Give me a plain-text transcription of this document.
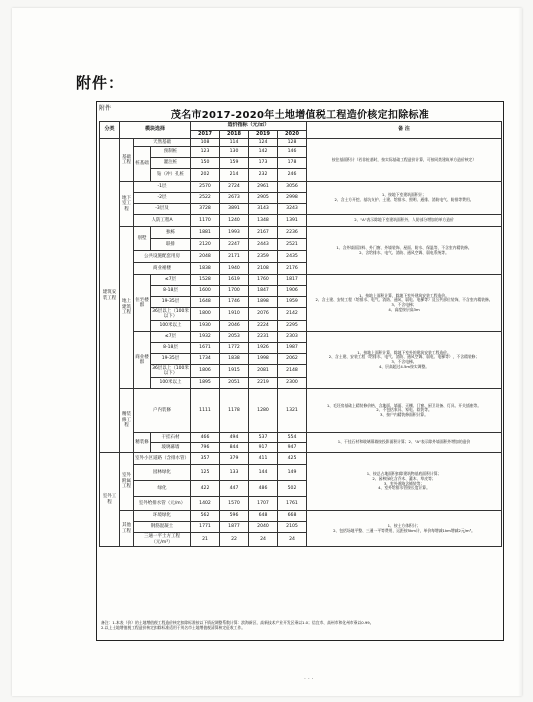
附件：
附件
茂名市2017-2020年土地增值税工程造价核定扣除标准
分类	模块选择			造价指标（元/㎡）				备 注
				2017	2018	2019	2020	
建筑安装工程	基础工程	天然基础		108	114	124	128	按住基面积计（若非桩基时，按实际基础工程造价计算，可按同类建筑单方造价核定）
		桩基础	预制桩	123	130	142	146	
			灌注桩	150	159	173	178	
			钻（冲）孔桩	202	214	232	246	
	地下室工程	-1层		2570	2724	2961	3056	1、按地下室建筑面积计；
2、含土方开挖、基坑支护、土建、给排水、照明、通排、消防电气、防排等费用。
		-2层		2522	2673	2905	2998	
		-3层及		3728	3891	3143	3243	
		人防工程A		1170	1240	1348	1391	2、"A"表示除地下室建筑面积外，人防部分增加的单方造价
	地上建筑工程	别墅	独栋	1881	1993	2167	2236	1、含外墙面涂料、外门窗、外墙装饰、屋面、防水、保温等，不含室内精装修。
2、含给排水、电气、消防、通风空调、弱电系统等。
			联排	2120	2247	2443	2521	
		公共设施配套用房		2048	2171	2359	2435	
		商业裙楼		1838	1940	2108	2176	
		住宅楼群	≤7层	1528	1619	1760	1817	1、按地上面积计算，除地下室外建筑安装工程造价。
2、含土建、安装工程（给排水、电气、消防、通风、弱电、电梯等）及公共部位装饰，不含室内精装修。
3、不含电梯；
4、高度按层高3m
			8-18层	1600	1700	1847	1906	
			19-35层	1648	1746	1898	1959	
			36层以上（100米以下）	1800	1910	2076	2142	
			100米以上	1930	2046	2224	2295	
		商业楼群	≤7层	1932	2053	2231	2303	1、按地上面积计算，除地下室外的建筑安装工程造价。
2、含土建、安装工程（给排水、电气、消防、通风空调、弱电、电梯等），不含精装修；
3、不含电梯。
4、层高超过4.5m按实调整。
			8-18层	1671	1772	1926	1987	
			19-35层	1734	1838	1998	2062	
			36层以上（100米以下）	1806	1915	2081	2148	
			100米以上	1895	2051	2219	2300	
	精装修工程	户内装修		1111	1178	1280	1321	1、毛坯房基础上精装修价格，含地面、墙面、天棚、门窗、厨卫设备、灯具、开关插座等。
2、不包括家具、家电、软装等。
3、按户内精装修面积计算。
		精装修	干挂石材	466	494	537	554	1、干挂石材和玻璃幕墙按投影面积计算；2、"A"表示除外墙面积外增加的造价
			玻璃幕墙	796	844	917	947	
室外工程	室外附属工程	室外小区道路（含排水管）		357	379	411	425	1、按总占地面积扣除建筑物基底面积计算；
2、园林绿化含乔木、灌木、草皮等；
3、室外道路含铺装等；
4、室外给排水管按长度计算。
		园林绿化		125	133	144	149	
		绿化		422	447	486	502	
		室外给排水管（元/m）		1402	1570	1707	1761	
	其他工程	环境绿化		562	596	648	668	1、按土方体积计；
2、包括场地平整、三通一平等费用，运距按5km计，单价每增减1km增减2元/m³。
		钢筋混凝土		1771	1877	2040	2105	
		三通一平土方工程（元/m³）		21	22	24	24	
备注：1.本表（价）的土地增值税工程造价核定扣除标准按以下情况调整系数计算：滨海新区、高新技术产业开发区乘以1.0；信宜市、高州市和化州市乘以0.99。
2.以上土地增值税工程造价核定扣除标准适用于茂名市土地增值税清算核定征收工作。
· · ·
